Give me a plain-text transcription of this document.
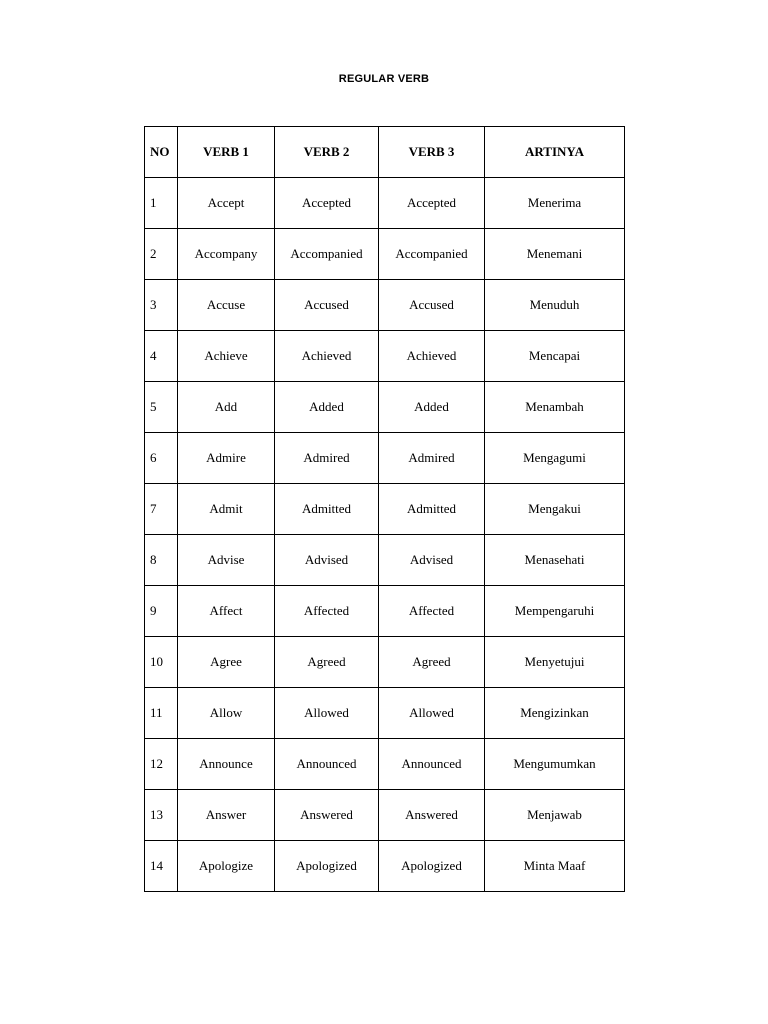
REGULAR VERB
NO	VERB 1	VERB 2	VERB 3	ARTINYA
1	Accept	Accepted	Accepted	Menerima
2	Accompany	Accompanied	Accompanied	Menemani
3	Accuse	Accused	Accused	Menuduh
4	Achieve	Achieved	Achieved	Mencapai
5	Add	Added	Added	Menambah
6	Admire	Admired	Admired	Mengagumi
7	Admit	Admitted	Admitted	Mengakui
8	Advise	Advised	Advised	Menasehati
9	Affect	Affected	Affected	Mempengaruhi
10	Agree	Agreed	Agreed	Menyetujui
11	Allow	Allowed	Allowed	Mengizinkan
12	Announce	Announced	Announced	Mengumumkan
13	Answer	Answered	Answered	Menjawab
14	Apologize	Apologized	Apologized	Minta Maaf
